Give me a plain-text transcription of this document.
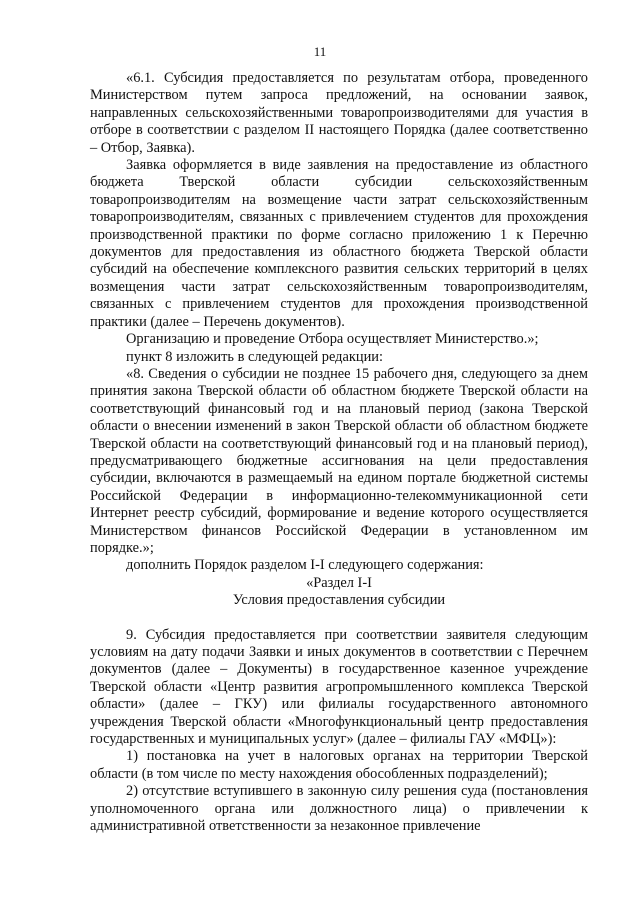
11

«6.1. Субсидия предоставляется по результатам отбора, проведенного Министерством путем запроса предложений, на основании заявок, направленных сельскохозяйственными товаропроизводителями для участия в отборе в соответствии с разделом II настоящего Порядка (далее соответственно – Отбор, Заявка).

Заявка оформляется в виде заявления на предоставление из областного бюджета Тверской области субсидии сельскохозяйственным товаропроизводителям на возмещение части затрат сельскохозяйственным товаропроизводителям, связанных с привлечением студентов для прохождения производственной практики по форме согласно приложению 1 к Перечню документов для предоставления из областного бюджета Тверской области субсидий на обеспечение комплексного развития сельских территорий в целях возмещения части затрат сельскохозяйственным товаропроизводителям, связанных с привлечением студентов для прохождения производственной практики (далее – Перечень документов).

Организацию и проведение Отбора осуществляет Министерство.»;

пункт 8 изложить в следующей редакции:

«8. Сведения о субсидии не позднее 15 рабочего дня, следующего за днем принятия закона Тверской области об областном бюджете Тверской области на соответствующий финансовый год и на плановый период (закона Тверской области о внесении изменений в закон Тверской области об областном бюджете Тверской области на соответствующий финансовый год и на плановый период), предусматривающего бюджетные ассигнования на цели предоставления субсидии, включаются в размещаемый на едином портале бюджетной системы Российской Федерации в информационно-телекоммуникационной сети Интернет реестр субсидий, формирование и ведение которого осуществляется Министерством финансов Российской Федерации в установленном им порядке.»;

дополнить Порядок разделом I-I следующего содержания:

«Раздел I-I

Условия предоставления субсидии

9. Субсидия предоставляется при соответствии заявителя следующим условиям на дату подачи Заявки и иных документов в соответствии с Перечнем документов (далее – Документы) в государственное казенное учреждение Тверской области «Центр развития агропромышленного комплекса Тверской области» (далее – ГКУ) или филиалы государственного автономного учреждения Тверской области «Многофункциональный центр предоставления государственных и муниципальных услуг» (далее – филиалы ГАУ «МФЦ»):

1) постановка на учет в налоговых органах на территории Тверской области (в том числе по месту нахождения обособленных подразделений);

2) отсутствие вступившего в законную силу решения суда (постановления уполномоченного органа или должностного лица) о привлечении к административной ответственности за незаконное привлечение
